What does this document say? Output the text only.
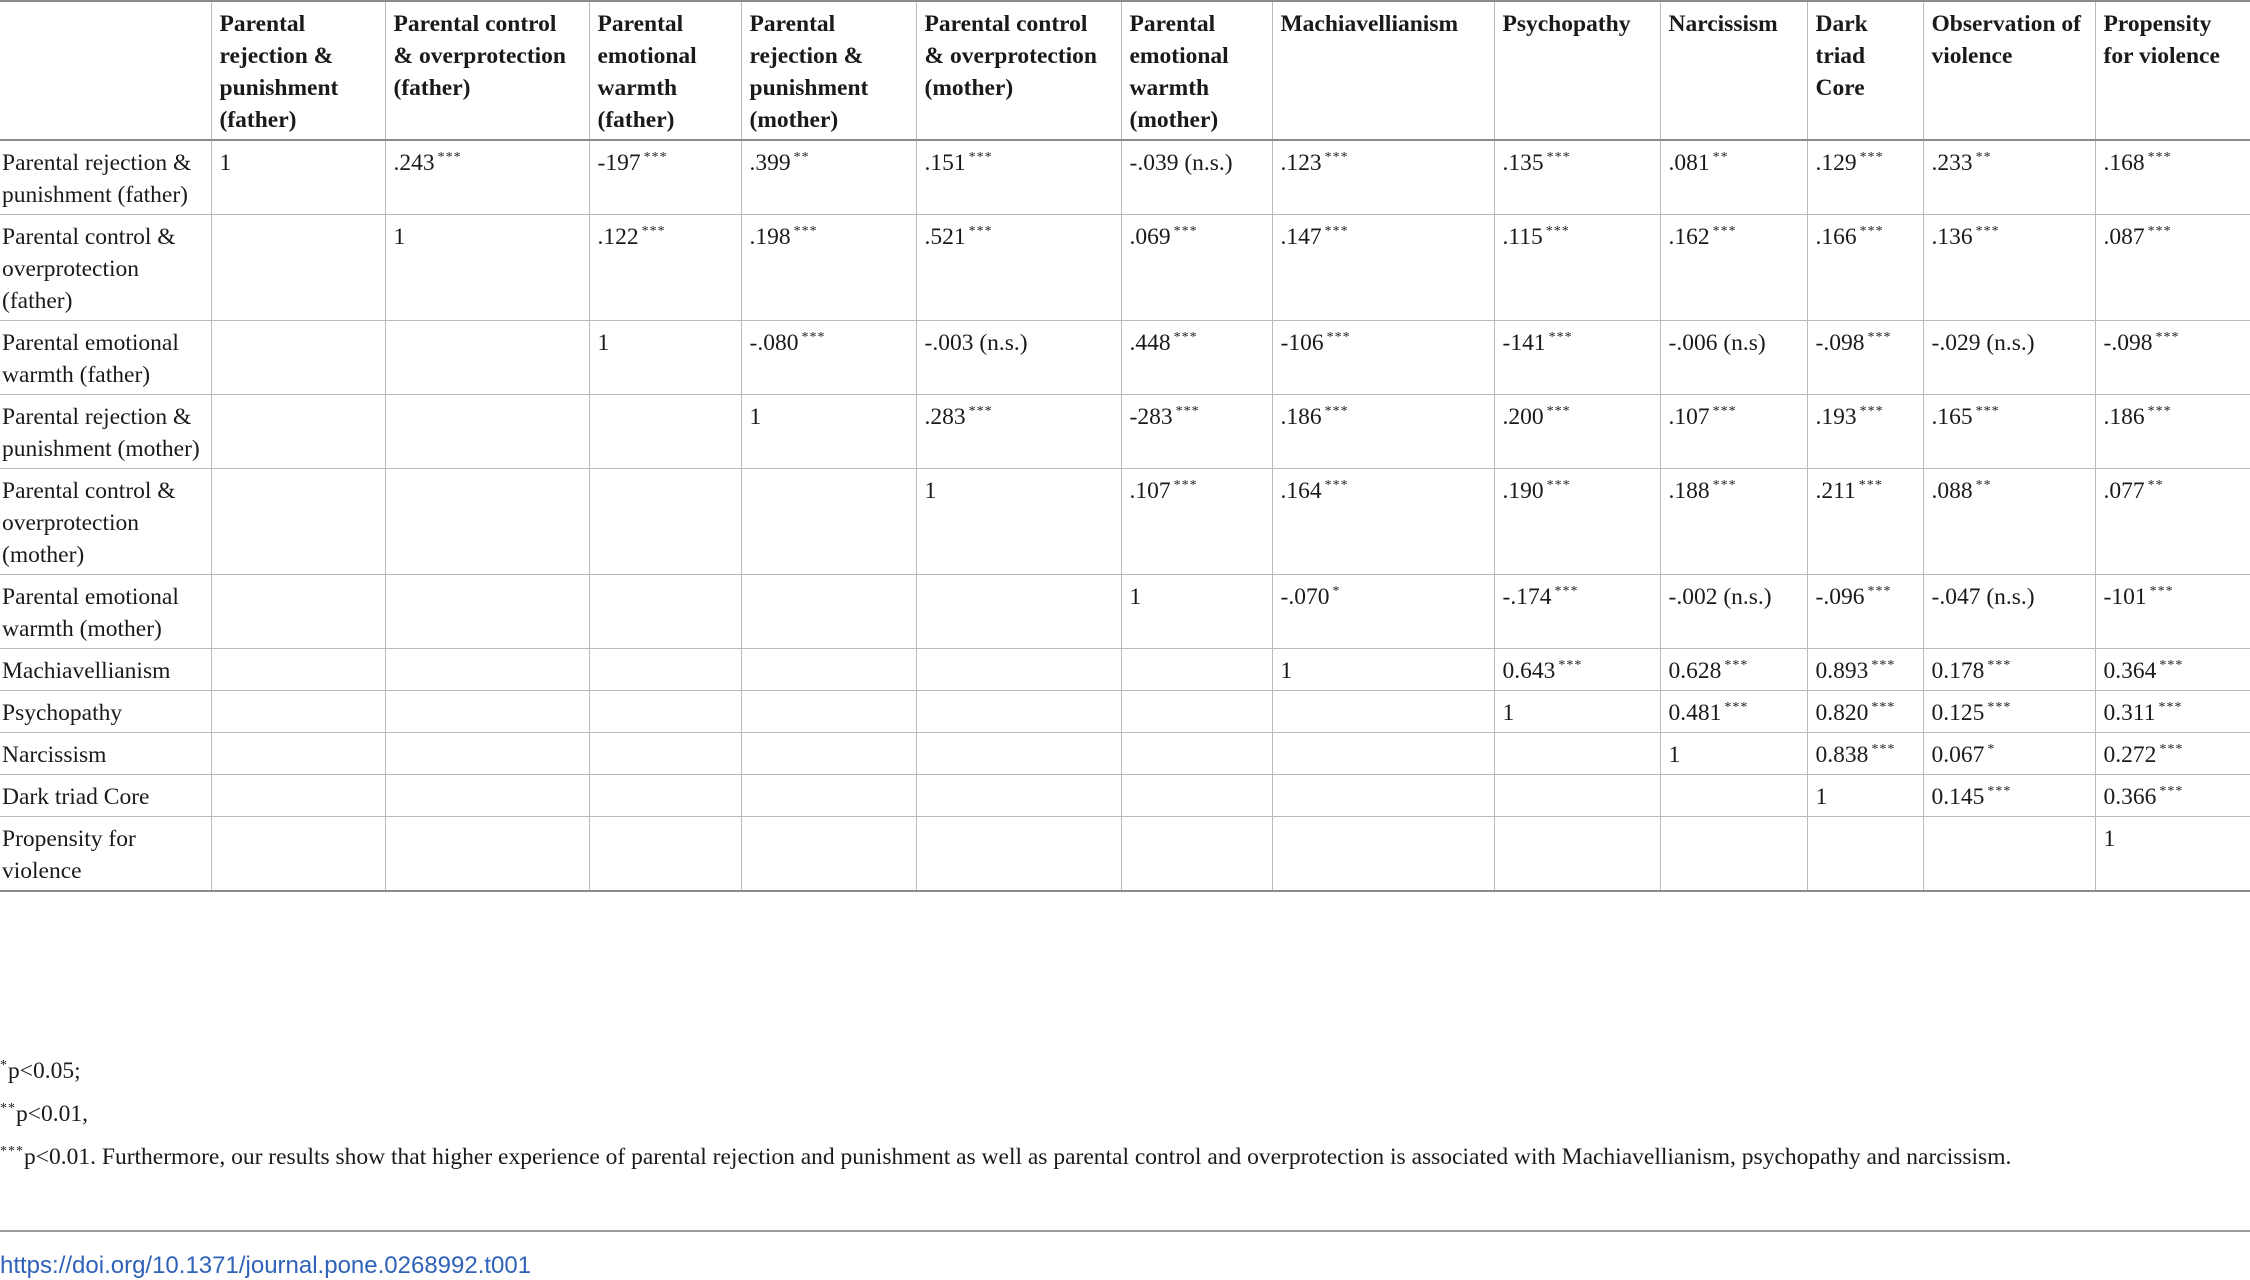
	Parental rejection & punishment (father)	Parental control & overprotection (father)	Parental emotional warmth (father)	Parental rejection & punishment (mother)	Parental control & overprotection (mother)	Parental emotional warmth (mother)	Machiavellianism	Psychopathy	Narcissism	Dark triad Core	Observation of violence	Propensity for violence
Parental rejection & punishment (father)	1	.243 ***	-197 ***	.399 **	.151 ***	-.039 (n.s.)	.123 ***	.135 ***	.081 **	.129 ***	.233 **	.168 ***
Parental control & overprotection (father)		1	.122 ***	.198 ***	.521 ***	.069 ***	.147 ***	.115 ***	.162 ***	.166 ***	.136 ***	.087 ***
Parental emotional warmth (father)			1	-.080 ***	-.003 (n.s.)	.448 ***	-106 ***	-141 ***	-.006 (n.s)	-.098 ***	-.029 (n.s.)	-.098 ***
Parental rejection & punishment (mother)				1	.283 ***	-283 ***	.186 ***	.200 ***	.107 ***	.193 ***	.165 ***	.186 ***
Parental control & overprotection (mother)					1	.107 ***	.164 ***	.190 ***	.188 ***	.211 ***	.088 **	.077 **
Parental emotional warmth (mother)						1	-.070 *	-.174 ***	-.002 (n.s.)	-.096 ***	-.047 (n.s.)	-101 ***
Machiavellianism							1	0.643 ***	0.628 ***	0.893 ***	0.178 ***	0.364 ***
Psychopathy								1	0.481 ***	0.820 ***	0.125 ***	0.311 ***
Narcissism									1	0.838 ***	0.067 *	0.272 ***
Dark triad Core										1	0.145 ***	0.366 ***
Propensity for violence												1
*p<0.05;
**p<0.01,
***p<0.01. Furthermore, our results show that higher experience of parental rejection and punishment as well as parental control and overprotection is associated with Machiavellianism, psychopathy and narcissism.
https://doi.org/10.1371/journal.pone.0268992.t001
